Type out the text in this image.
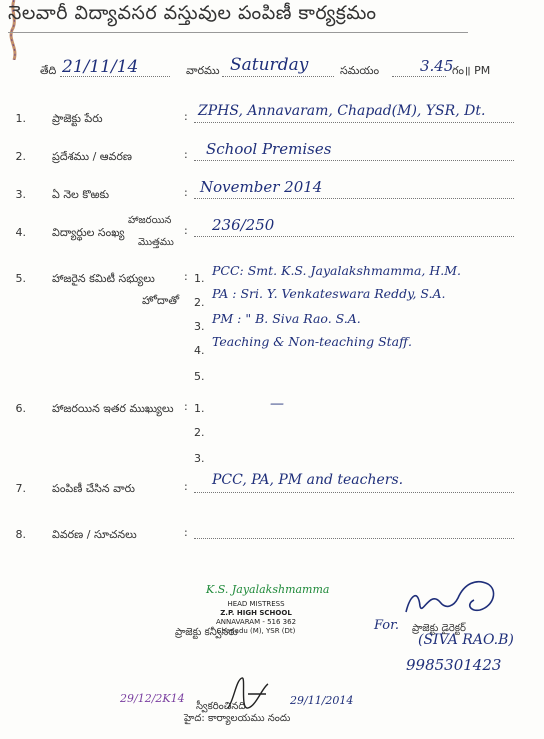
నెలవారీ విద్యావసర వస్తువుల పంపిణీ కార్యక్రమం
తేది 21/11/14	వారము Saturday	సమయం	3.45
గం॥ PM
1. ప్రాజెక్టు పేరు	: ZPHS, Annavaram, Chapad(M), YSR, Dt.
2. ప్రదేశము / ఆవరణ	: School Premises
3. ఏ నెల కొఱకు	: November 2014
4. విద్యార్థుల సంఖ్య
హాజరయిన
మొత్తము
: 236/250
5. హాజరైన కమిటీ సభ్యులు
హోదాతో
: 1.
PCC: Smt. K.S. Jayalakshmamma, H.M.
2.
PA : Sri. Y. Venkateswara Reddy, S.A.
3.
PM : " B. Siva Rao. S.A.
4.
Teaching & Non-teaching Staff.
5.
6. హాజరయిన ఇతర ముఖ్యులు : 1.	—
2.
3.
7. పంపిణీ చేసిన వారు	: PCC, PA, PM and teachers.
8. వివరణ / సూచనలు	:
K.S. Jayalakshmamma
HEAD MISTRESS
Z.P. HIGH SCHOOL
ANNAVARAM - 516 362
Chapadu (M), YSR (Dt)
ప్రాజెక్టు కన్వీనరు	For. ప్రాజెక్టు డైరెక్టర్
(SIVA RAO.B)
9985301423
29/12/2K14
స్వీకరించినది	29/11/2014
హైద: కార్యాలయము నందు
